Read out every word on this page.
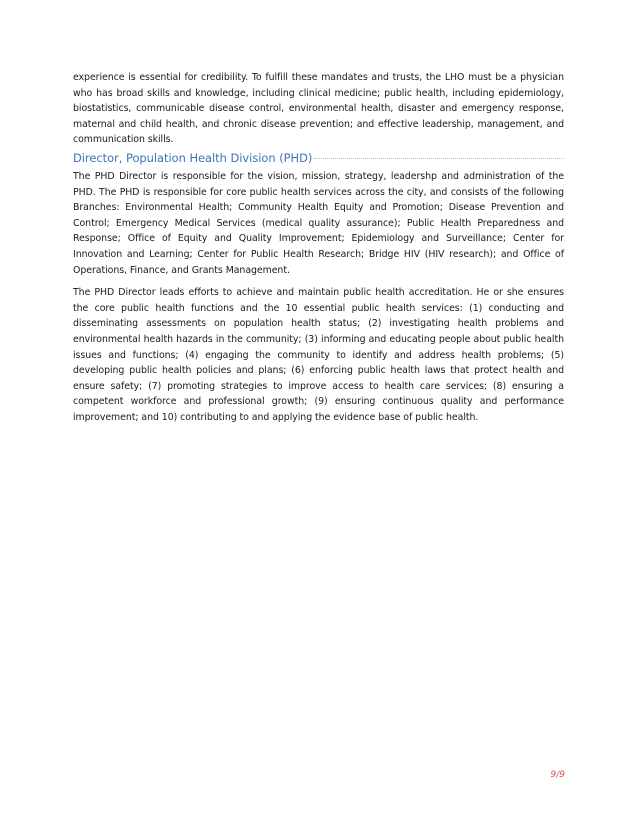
experience is essential for credibility. To fulfill these mandates and trusts, the LHO must be a physician who has broad skills and knowledge, including clinical medicine; public health, including epidemiology, biostatistics, communicable disease control, environmental health, disaster and emergency response, maternal and child health, and chronic disease prevention; and effective leadership, management, and communication skills.

Director, Population Health Division (PHD)

The PHD Director is responsible for the vision, mission, strategy, leadershp and administration of the PHD. The PHD is responsible for core public health services across the city, and consists of the following Branches: Environmental Health; Community Health Equity and Promotion; Disease Prevention and Control; Emergency Medical Services (medical quality assurance); Public Health Preparedness and Response; Office of Equity and Quality Improvement; Epidemiology and Surveillance; Center for Innovation and Learning; Center for Public Health Research; Bridge HIV (HIV research); and Office of Operations, Finance, and Grants Management.

The PHD Director leads efforts to achieve and maintain public health accreditation. He or she ensures the core public health functions and the 10 essential public health services: (1) conducting and disseminating assessments on population health status; (2) investigating health problems and environmental health hazards in the community; (3) informing and educating people about public health issues and functions; (4) engaging the community to identify and address health problems; (5) developing public health policies and plans; (6) enforcing public health laws that protect health and ensure safety; (7) promoting strategies to improve access to health care services; (8) ensuring a competent workforce and professional growth; (9) ensuring continuous quality and performance improvement; and 10) contributing to and applying the evidence base of public health.

9/9
